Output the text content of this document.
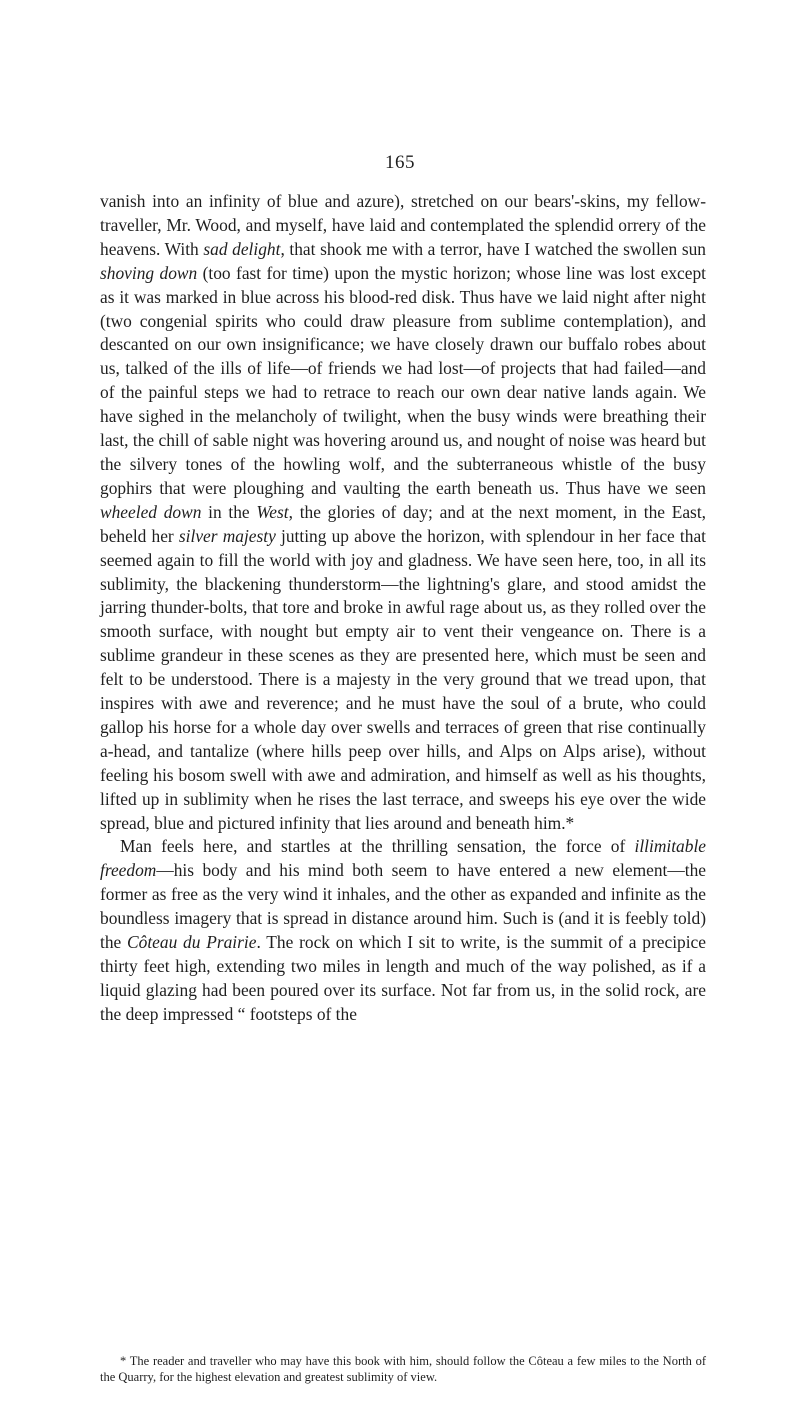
165

vanish into an infinity of blue and azure), stretched on our bears'-skins, my fellow-traveller, Mr. Wood, and myself, have laid and contemplated the splendid orrery of the heavens. With sad delight, that shook me with a terror, have I watched the swollen sun shoving down (too fast for time) upon the mystic horizon; whose line was lost except as it was marked in blue across his blood-red disk. Thus have we laid night after night (two congenial spirits who could draw pleasure from sublime contemplation), and descanted on our own insignificance; we have closely drawn our buffalo robes about us, talked of the ills of life—of friends we had lost—of projects that had failed—and of the painful steps we had to retrace to reach our own dear native lands again. We have sighed in the melancholy of twilight, when the busy winds were breathing their last, the chill of sable night was hovering around us, and nought of noise was heard but the silvery tones of the howling wolf, and the subterraneous whistle of the busy gophirs that were ploughing and vaulting the earth beneath us. Thus have we seen wheeled down in the West, the glories of day; and at the next moment, in the East, beheld her silver majesty jutting up above the horizon, with splendour in her face that seemed again to fill the world with joy and gladness. We have seen here, too, in all its sublimity, the blackening thunderstorm—the lightning's glare, and stood amidst the jarring thunder-bolts, that tore and broke in awful rage about us, as they rolled over the smooth surface, with nought but empty air to vent their vengeance on. There is a sublime grandeur in these scenes as they are presented here, which must be seen and felt to be understood. There is a majesty in the very ground that we tread upon, that inspires with awe and reverence; and he must have the soul of a brute, who could gallop his horse for a whole day over swells and terraces of green that rise continually a-head, and tantalize (where hills peep over hills, and Alps on Alps arise), without feeling his bosom swell with awe and admiration, and himself as well as his thoughts, lifted up in sublimity when he rises the last terrace, and sweeps his eye over the wide spread, blue and pictured infinity that lies around and beneath him.*

Man feels here, and startles at the thrilling sensation, the force of illimitable freedom—his body and his mind both seem to have entered a new element—the former as free as the very wind it inhales, and the other as expanded and infinite as the boundless imagery that is spread in distance around him. Such is (and it is feebly told) the Côteau du Prairie. The rock on which I sit to write, is the summit of a precipice thirty feet high, extending two miles in length and much of the way polished, as if a liquid glazing had been poured over its surface. Not far from us, in the solid rock, are the deep impressed “ footsteps of the

* The reader and traveller who may have this book with him, should follow the Côteau a few miles to the North of the Quarry, for the highest elevation and greatest sublimity of view.
